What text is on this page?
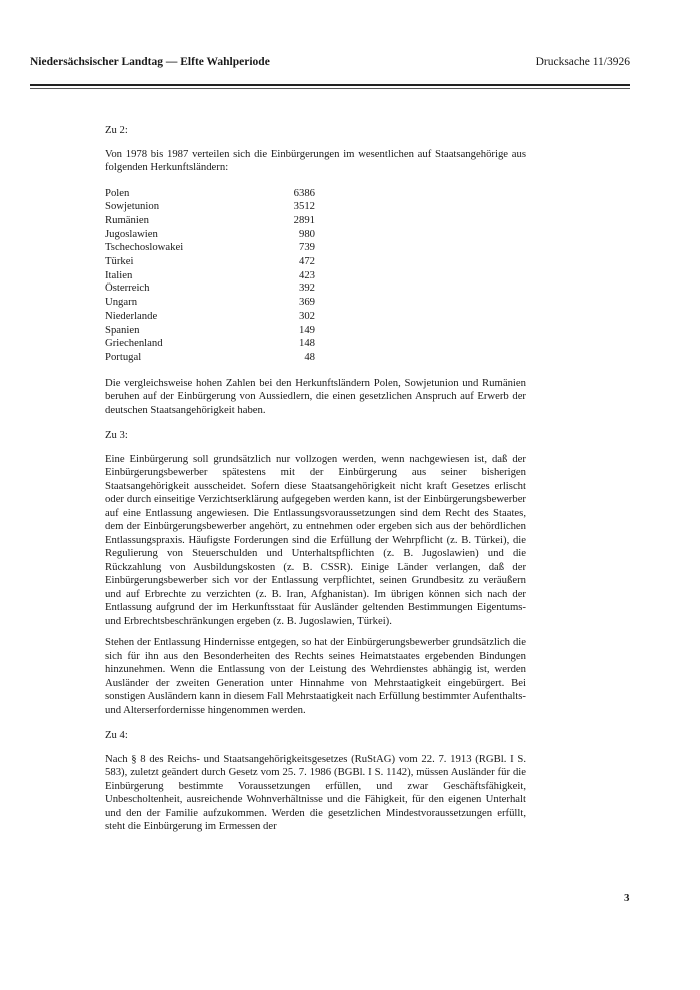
Niedersächsischer Landtag — Elfte Wahlperiode	Drucksache 11/3926

Zu 2:

Von 1978 bis 1987 verteilen sich die Einbürgerungen im wesentlichen auf Staatsangehörige aus folgenden Herkunftsländern:

Polen	6386
Sowjetunion	3512
Rumänien	2891
Jugoslawien	980
Tschechoslowakei	739
Türkei	472
Italien	423
Österreich	392
Ungarn	369
Niederlande	302
Spanien	149
Griechenland	148
Portugal	48

Die vergleichsweise hohen Zahlen bei den Herkunftsländern Polen, Sowjetunion und Rumänien beruhen auf der Einbürgerung von Aussiedlern, die einen gesetzlichen Anspruch auf Erwerb der deutschen Staatsangehörigkeit haben.

Zu 3:

Eine Einbürgerung soll grundsätzlich nur vollzogen werden, wenn nachgewiesen ist, daß der Einbürgerungsbewerber spätestens mit der Einbürgerung aus seiner bisherigen Staatsangehörigkeit ausscheidet. Sofern diese Staatsangehörigkeit nicht kraft Gesetzes erlischt oder durch einseitige Verzichtserklärung aufgegeben werden kann, ist der Einbürgerungsbewerber auf eine Entlassung angewiesen. Die Entlassungsvoraussetzungen sind dem Recht des Staates, dem der Einbürgerungsbewerber angehört, zu entnehmen oder ergeben sich aus der behördlichen Entlassungspraxis. Häufigste Forderungen sind die Erfüllung der Wehrpflicht (z. B. Türkei), die Regulierung von Steuerschulden und Unterhaltspflichten (z. B. Jugoslawien) und die Rückzahlung von Ausbildungskosten (z. B. CSSR). Einige Länder verlangen, daß der Einbürgerungsbewerber sich vor der Entlassung verpflichtet, seinen Grundbesitz zu veräußern und auf Erbrechte zu verzichten (z. B. Iran, Afghanistan). Im übrigen können sich nach der Entlassung aufgrund der im Herkunftsstaat für Ausländer geltenden Bestimmungen Eigentums- und Erbrechtsbeschränkungen ergeben (z. B. Jugoslawien, Türkei).

Stehen der Entlassung Hindernisse entgegen, so hat der Einbürgerungsbewerber grundsätzlich die sich für ihn aus den Besonderheiten des Rechts seines Heimatstaates ergebenden Bindungen hinzunehmen. Wenn die Entlassung von der Leistung des Wehrdienstes abhängig ist, werden Ausländer der zweiten Generation unter Hinnahme von Mehrstaatigkeit eingebürgert. Bei sonstigen Ausländern kann in diesem Fall Mehrstaatigkeit nach Erfüllung bestimmter Aufenthalts- und Alterserfordernisse hingenommen werden.

Zu 4:

Nach § 8 des Reichs- und Staatsangehörigkeitsgesetzes (RuStAG) vom 22. 7. 1913 (RGBl. I S. 583), zuletzt geändert durch Gesetz vom 25. 7. 1986 (BGBl. I S. 1142), müssen Ausländer für die Einbürgerung bestimmte Voraussetzungen erfüllen, und zwar Geschäftsfähigkeit, Unbescholtenheit, ausreichende Wohnverhältnisse und die Fähigkeit, für den eigenen Unterhalt und den der Familie aufzukommen. Werden die gesetzlichen Mindestvoraussetzungen erfüllt, steht die Einbürgerung im Ermessen der

3
